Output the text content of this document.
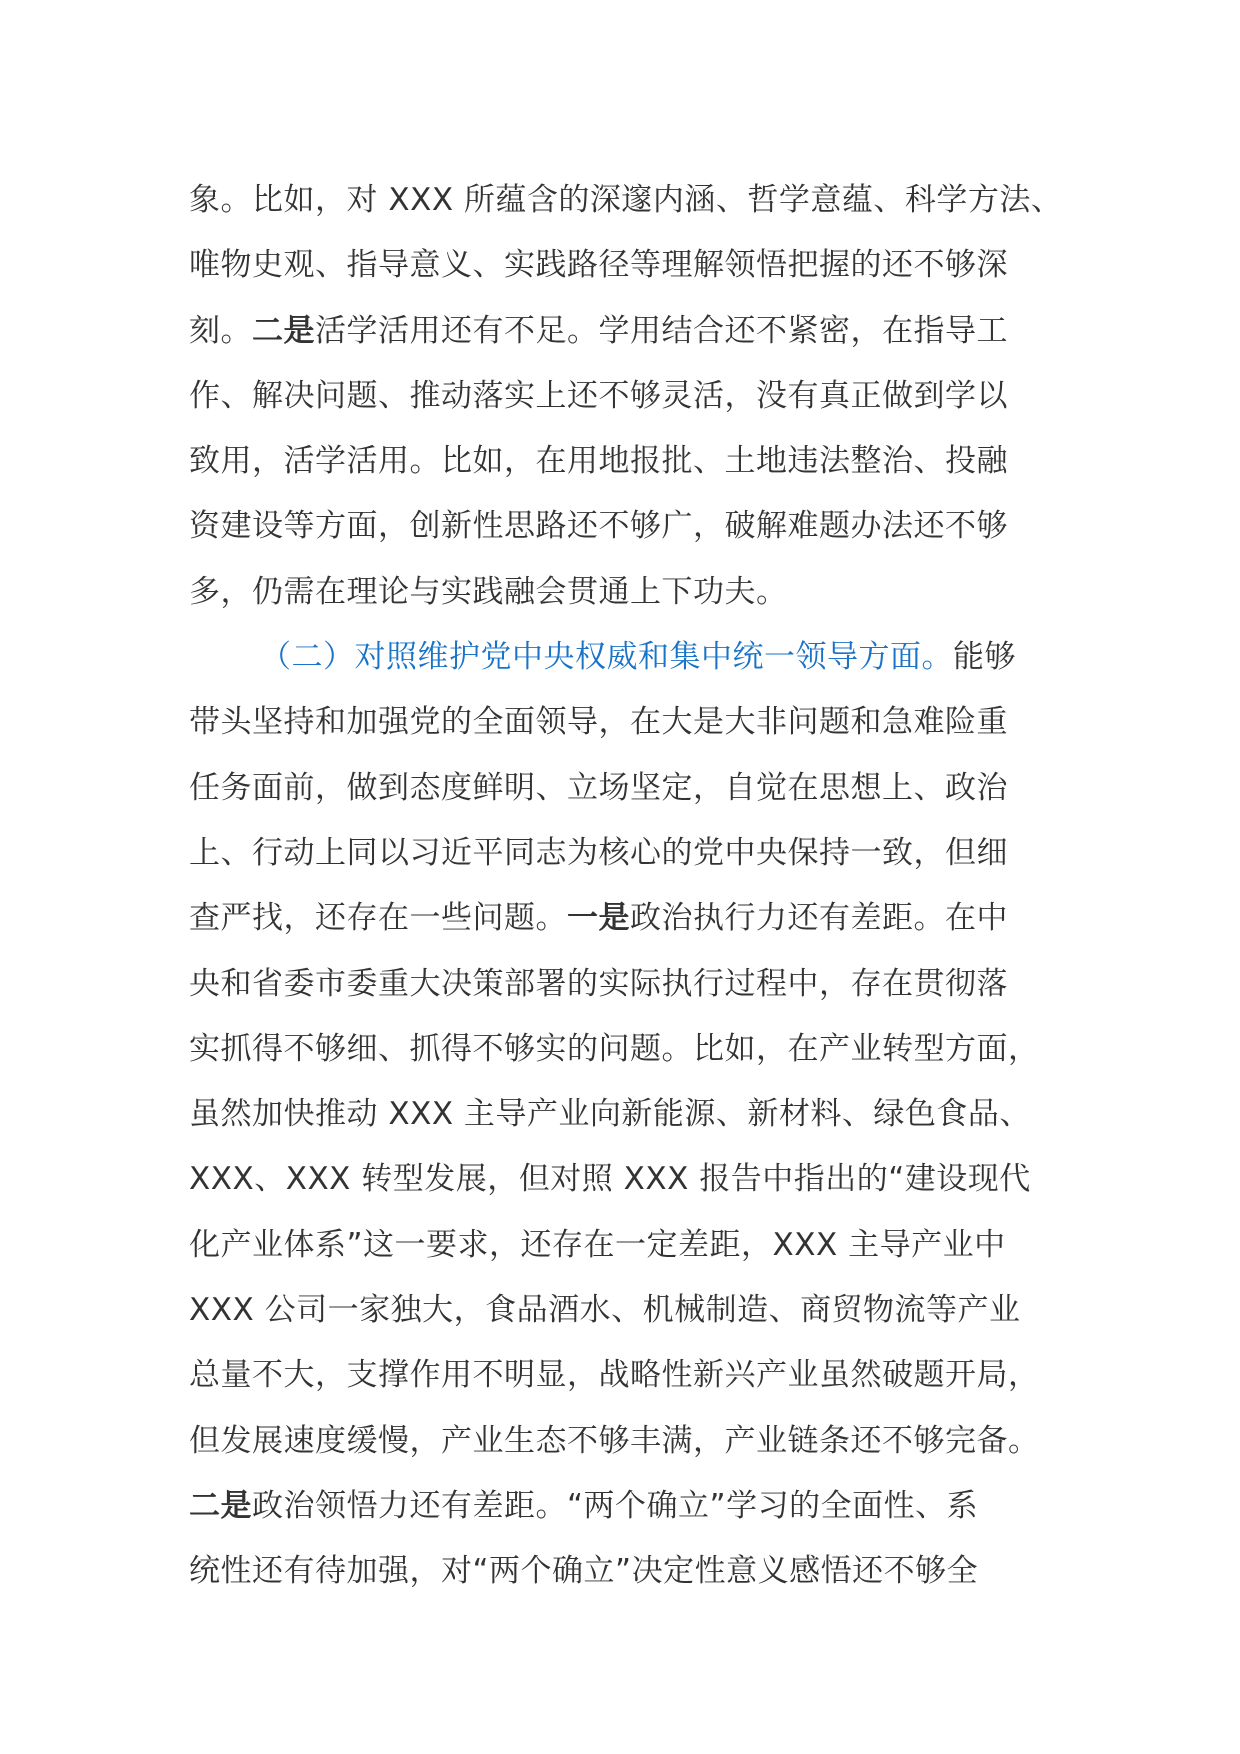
象。比如，对 XXX 所蕴含的深邃内涵、哲学意蕴、科学方法、
唯物史观、指导意义、实践路径等理解领悟把握的还不够深
刻。二是活学活用还有不足。学用结合还不紧密，在指导工
作、解决问题、推动落实上还不够灵活，没有真正做到学以
致用，活学活用。比如，在用地报批、土地违法整治、投融
资建设等方面，创新性思路还不够广，破解难题办法还不够
多，仍需在理论与实践融会贯通上下功夫。
（二）对照维护党中央权威和集中统一领导方面。能够
带头坚持和加强党的全面领导，在大是大非问题和急难险重
任务面前，做到态度鲜明、立场坚定，自觉在思想上、政治
上、行动上同以习近平同志为核心的党中央保持一致，但细
查严找，还存在一些问题。一是政治执行力还有差距。在中
央和省委市委重大决策部署的实际执行过程中，存在贯彻落
实抓得不够细、抓得不够实的问题。比如，在产业转型方面，
虽然加快推动 XXX 主导产业向新能源、新材料、绿色食品、
XXX、XXX 转型发展，但对照 XXX 报告中指出的“建设现代
化产业体系”这一要求，还存在一定差距，XXX 主导产业中
XXX 公司一家独大，食品酒水、机械制造、商贸物流等产业
总量不大，支撑作用不明显，战略性新兴产业虽然破题开局，
但发展速度缓慢，产业生态不够丰满，产业链条还不够完备。
二是政治领悟力还有差距。“两个确立”学习的全面性、系
统性还有待加强，对“两个确立”决定性意义感悟还不够全
